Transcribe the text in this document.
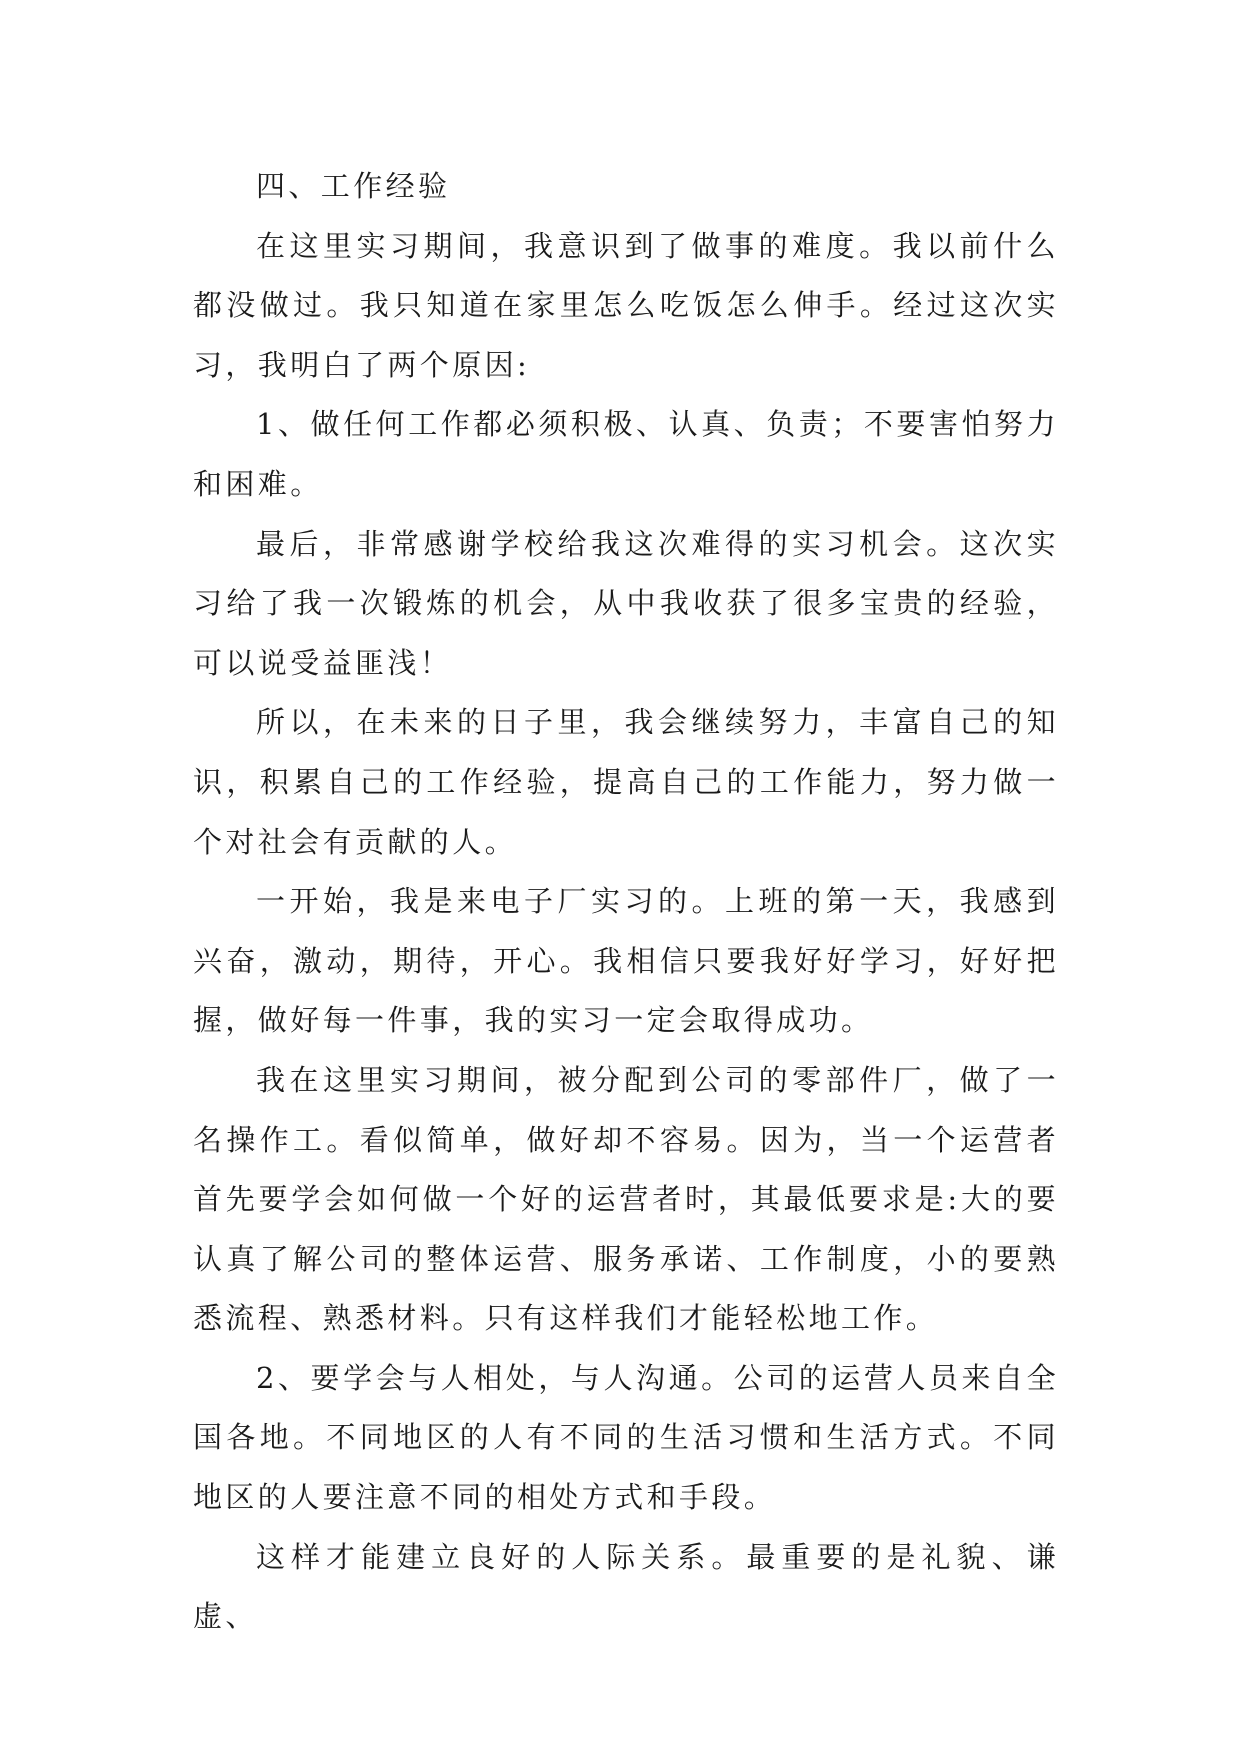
四、工作经验

在这里实习期间，我意识到了做事的难度。我以前什么都没做过。我只知道在家里怎么吃饭怎么伸手。经过这次实习，我明白了两个原因:

1、做任何工作都必须积极、认真、负责；不要害怕努力和困难。

最后，非常感谢学校给我这次难得的实习机会。这次实习给了我一次锻炼的机会，从中我收获了很多宝贵的经验，可以说受益匪浅！

所以，在未来的日子里，我会继续努力，丰富自己的知识，积累自己的工作经验，提高自己的工作能力，努力做一个对社会有贡献的人。

一开始，我是来电子厂实习的。上班的第一天，我感到兴奋，激动，期待，开心。我相信只要我好好学习，好好把握，做好每一件事，我的实习一定会取得成功。

我在这里实习期间，被分配到公司的零部件厂，做了一名操作工。看似简单，做好却不容易。因为，当一个运营者首先要学会如何做一个好的运营者时，其最低要求是:大的要认真了解公司的整体运营、服务承诺、工作制度，小的要熟悉流程、熟悉材料。只有这样我们才能轻松地工作。

2、要学会与人相处，与人沟通。公司的运营人员来自全国各地。不同地区的人有不同的生活习惯和生活方式。不同地区的人要注意不同的相处方式和手段。

这样才能建立良好的人际关系。最重要的是礼貌、谦虚、
